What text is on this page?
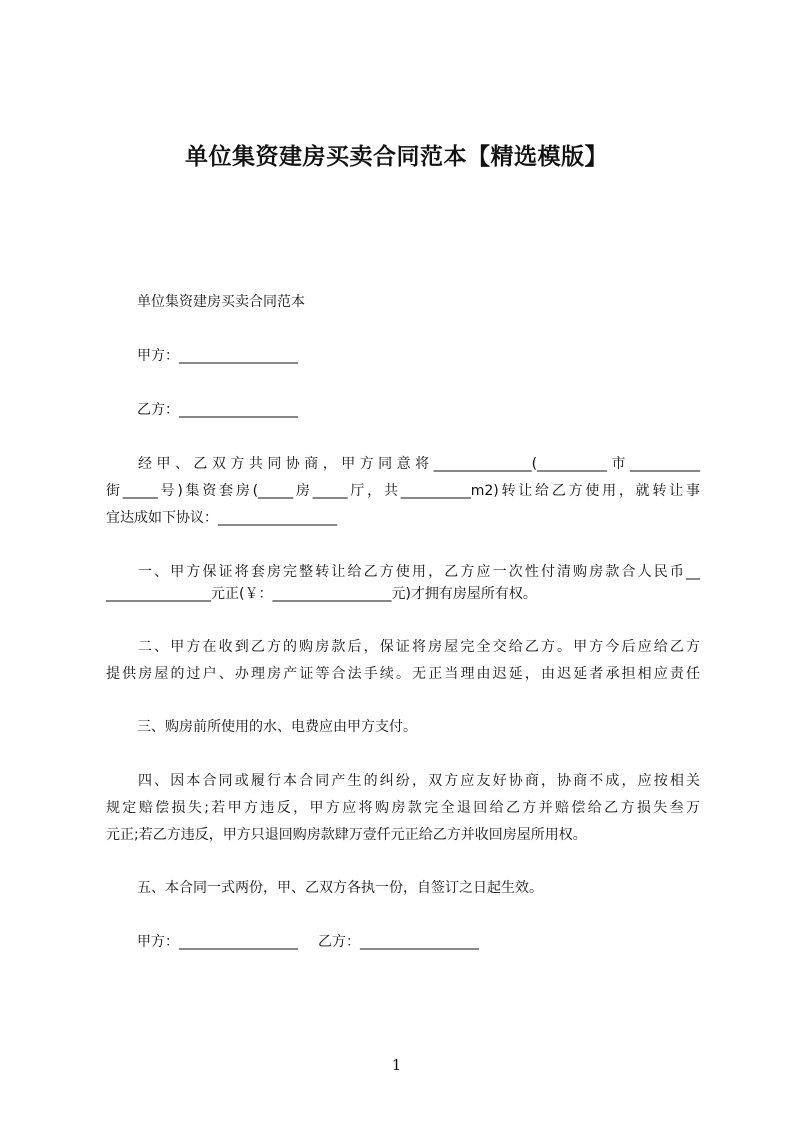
单位集资建房买卖合同范本【精选模版】
单位集资建房买卖合同范本
甲方：_________________
乙方：_________________
经甲、乙双方共同协商，甲方同意将______________(__________市__________
街_____号)集资套房(_____房_____厅，共__________m2)转让给乙方使用，就转让事
宜达成如下协议：_________________
一、甲方保证将套房完整转让给乙方使用，乙方应一次性付清购房款合人民币__
_______________元正(￥：_________________元)才拥有房屋所有权。
二、甲方在收到乙方的购房款后，保证将房屋完全交给乙方。甲方今后应给乙方
提供房屋的过户、办理房产证等合法手续。无正当理由迟延，由迟延者承担相应责任
三、购房前所使用的水、电费应由甲方支付。
四、因本合同或履行本合同产生的纠纷，双方应友好协商，协商不成，应按相关
规定赔偿损失;若甲方违反，甲方应将购房款完全退回给乙方并赔偿给乙方损失叁万
元正;若乙方违反，甲方只退回购房款肆万壹仟元正给乙方并收回房屋所用权。
五、本合同一式两份，甲、乙双方各执一份，自签订之日起生效。
甲方：_________________ 乙方：_________________
1
